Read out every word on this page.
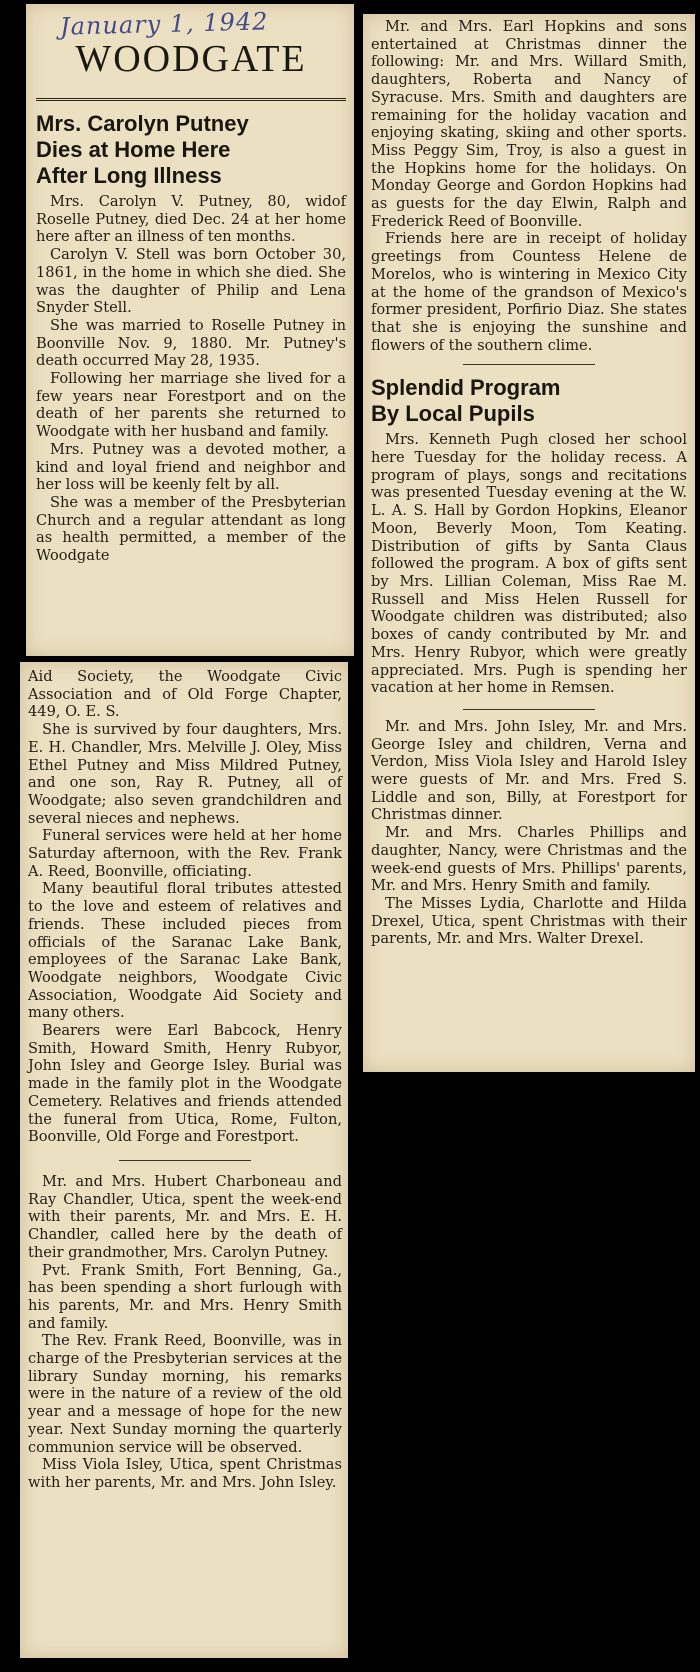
January 1, 1942
WOODGATE
Mrs. Carolyn Putney
Dies at Home Here
After Long Illness

Mrs. Carolyn V. Putney, 80, widof Roselle Putney, died Dec. 24 at her home here after an illness of ten months.

Carolyn V. Stell was born October 30, 1861, in the home in which she died. She was the daughter of Philip and Lena Snyder Stell.

She was married to Roselle Putney in Boonville Nov. 9, 1880. Mr. Putney's death occurred May 28, 1935.

Following her marriage she lived for a few years near Forestport and on the death of her parents she returned to Woodgate with her husband and family.

Mrs. Putney was a devoted mother, a kind and loyal friend and neighbor and her loss will be keenly felt by all.

She was a member of the Presbyterian Church and a regular attendant as long as health permitted, a member of the Woodgate

Aid Society, the Woodgate Civic Association and of Old Forge Chapter, 449, O. E. S.

She is survived by four daughters, Mrs. E. H. Chandler, Mrs. Melville J. Oley, Miss Ethel Putney and Miss Mildred Putney, and one son, Ray R. Putney, all of Woodgate; also seven grandchildren and several nieces and nephews.

Funeral services were held at her home Saturday afternoon, with the Rev. Frank A. Reed, Boonville, officiating.

Many beautiful floral tributes attested to the love and esteem of relatives and friends. These included pieces from officials of the Saranac Lake Bank, employees of the Saranac Lake Bank, Woodgate neighbors, Woodgate Civic Association, Woodgate Aid Society and many others.

Bearers were Earl Babcock, Henry Smith, Howard Smith, Henry Rubyor, John Isley and George Isley. Burial was made in the family plot in the Woodgate Cemetery. Relatives and friends attended the funeral from Utica, Rome, Fulton, Boonville, Old Forge and Forestport.

Mr. and Mrs. Hubert Charboneau and Ray Chandler, Utica, spent the week-end with their parents, Mr. and Mrs. E. H. Chandler, called here by the death of their grandmother, Mrs. Carolyn Putney.

Pvt. Frank Smith, Fort Benning, Ga., has been spending a short furlough with his parents, Mr. and Mrs. Henry Smith and family.

The Rev. Frank Reed, Boonville, was in charge of the Presbyterian services at the library Sunday morning, his remarks were in the nature of a review of the old year and a message of hope for the new year. Next Sunday morning the quarterly communion service will be observed.

Miss Viola Isley, Utica, spent Christmas with her parents, Mr. and Mrs. John Isley.

Mr. and Mrs. Earl Hopkins and sons entertained at Christmas dinner the following: Mr. and Mrs. Willard Smith, daughters, Roberta and Nancy of Syracuse. Mrs. Smith and daughters are remaining for the holiday vacation and enjoying skating, skiing and other sports. Miss Peggy Sim, Troy, is also a guest in the Hopkins home for the holidays. On Monday George and Gordon Hopkins had as guests for the day Elwin, Ralph and Frederick Reed of Boonville.

Friends here are in receipt of holiday greetings from Countess Helene de Morelos, who is wintering in Mexico City at the home of the grandson of Mexico's former president, Porfirio Diaz. She states that she is enjoying the sunshine and flowers of the southern clime.

Splendid Program
By Local Pupils

Mrs. Kenneth Pugh closed her school here Tuesday for the holiday recess. A program of plays, songs and recitations was presented Tuesday evening at the W. L. A. S. Hall by Gordon Hopkins, Eleanor Moon, Beverly Moon, Tom Keating. Distribution of gifts by Santa Claus followed the program. A box of gifts sent by Mrs. Lillian Coleman, Miss Rae M. Russell and Miss Helen Russell for Woodgate children was distributed; also boxes of candy contributed by Mr. and Mrs. Henry Rubyor, which were greatly appreciated. Mrs. Pugh is spending her vacation at her home in Remsen.

Mr. and Mrs. John Isley, Mr. and Mrs. George Isley and children, Verna and Verdon, Miss Viola Isley and Harold Isley were guests of Mr. and Mrs. Fred S. Liddle and son, Billy, at Forestport for Christmas dinner.

Mr. and Mrs. Charles Phillips and daughter, Nancy, were Christmas and the week-end guests of Mrs. Phillips' parents, Mr. and Mrs. Henry Smith and family.

The Misses Lydia, Charlotte and Hilda Drexel, Utica, spent Christmas with their parents, Mr. and Mrs. Walter Drexel.
